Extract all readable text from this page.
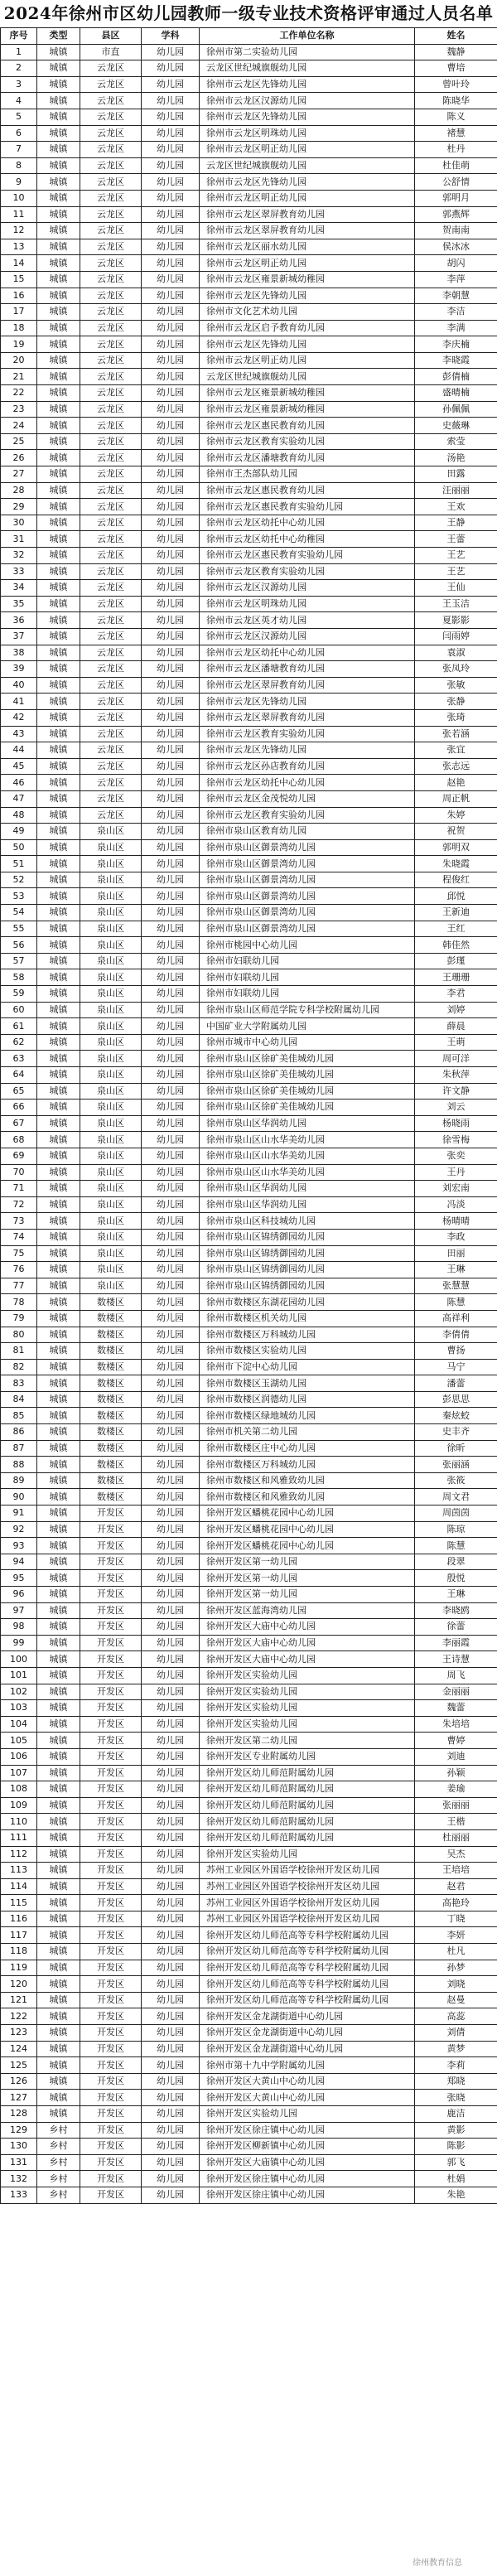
2024年徐州市区幼儿园教师一级专业技术资格评审通过人员名单
序号	类型	县区	学科	工作单位名称	姓名
1	城镇	市直	幼儿园	徐州市第二实验幼儿园	魏静
2	城镇	云龙区	幼儿园	云龙区世纪城旗舰幼儿园	曹培
3	城镇	云龙区	幼儿园	徐州市云龙区先锋幼儿园	曾叶玲
4	城镇	云龙区	幼儿园	徐州市云龙区汉源幼儿园	陈晓华
5	城镇	云龙区	幼儿园	徐州市云龙区先锋幼儿园	陈义
6	城镇	云龙区	幼儿园	徐州市云龙区明珠幼儿园	褚慧
7	城镇	云龙区	幼儿园	徐州市云龙区明正幼儿园	杜丹
8	城镇	云龙区	幼儿园	云龙区世纪城旗舰幼儿园	杜佳萌
9	城镇	云龙区	幼儿园	徐州市云龙区先锋幼儿园	公舒情
10	城镇	云龙区	幼儿园	徐州市云龙区明正幼儿园	郭明月
11	城镇	云龙区	幼儿园	徐州市云龙区翠屏教育幼儿园	郭燕辉
12	城镇	云龙区	幼儿园	徐州市云龙区翠屏教育幼儿园	贺南南
13	城镇	云龙区	幼儿园	徐州市云龙区丽水幼儿园	侯冰冰
14	城镇	云龙区	幼儿园	徐州市云龙区明正幼儿园	胡闪
15	城镇	云龙区	幼儿园	徐州市云龙区雍景新城幼稚园	李萍
16	城镇	云龙区	幼儿园	徐州市云龙区先锋幼儿园	李朝慧
17	城镇	云龙区	幼儿园	徐州市文化艺术幼儿园	李洁
18	城镇	云龙区	幼儿园	徐州市云龙区启予教育幼儿园	李满
19	城镇	云龙区	幼儿园	徐州市云龙区先锋幼儿园	李庆楠
20	城镇	云龙区	幼儿园	徐州市云龙区明正幼儿园	李晓霞
21	城镇	云龙区	幼儿园	云龙区世纪城旗舰幼儿园	彭倩楠
22	城镇	云龙区	幼儿园	徐州市云龙区雍景新城幼稚园	盛晴楠
23	城镇	云龙区	幼儿园	徐州市云龙区雍景新城幼稚园	孙佩佩
24	城镇	云龙区	幼儿园	徐州市云龙区惠民教育幼儿园	史薇琳
25	城镇	云龙区	幼儿园	徐州市云龙区教育实验幼儿园	索莹
26	城镇	云龙区	幼儿园	徐州市云龙区潘塘教育幼儿园	汤艳
27	城镇	云龙区	幼儿园	徐州市王杰部队幼儿园	田露
28	城镇	云龙区	幼儿园	徐州市云龙区惠民教育幼儿园	汪丽丽
29	城镇	云龙区	幼儿园	徐州市云龙区惠民教育实验幼儿园	王欢
30	城镇	云龙区	幼儿园	徐州市云龙区幼托中心幼儿园	王静
31	城镇	云龙区	幼儿园	徐州市云龙区幼托中心幼稚园	王蕾
32	城镇	云龙区	幼儿园	徐州市云龙区惠民教育实验幼儿园	王艺
33	城镇	云龙区	幼儿园	徐州市云龙区教育实验幼儿园	王艺
34	城镇	云龙区	幼儿园	徐州市云龙区汉源幼儿园	王仙
35	城镇	云龙区	幼儿园	徐州市云龙区明珠幼儿园	王玉洁
36	城镇	云龙区	幼儿园	徐州市云龙区英才幼儿园	夏影影
37	城镇	云龙区	幼儿园	徐州市云龙区汉源幼儿园	闫雨婷
38	城镇	云龙区	幼儿园	徐州市云龙区幼托中心幼儿园	袁淑
39	城镇	云龙区	幼儿园	徐州市云龙区潘塘教育幼儿园	张凤玲
40	城镇	云龙区	幼儿园	徐州市云龙区翠屏教育幼儿园	张敏
41	城镇	云龙区	幼儿园	徐州市云龙区先锋幼儿园	张静
42	城镇	云龙区	幼儿园	徐州市云龙区翠屏教育幼儿园	张琦
43	城镇	云龙区	幼儿园	徐州市云龙区教育实验幼儿园	张若涵
44	城镇	云龙区	幼儿园	徐州市云龙区先锋幼儿园	张宜
45	城镇	云龙区	幼儿园	徐州市云龙区孙店教育幼儿园	张志远
46	城镇	云龙区	幼儿园	徐州市云龙区幼托中心幼儿园	赵艳
47	城镇	云龙区	幼儿园	徐州市云龙区金茂悦幼儿园	周正帆
48	城镇	云龙区	幼儿园	徐州市云龙区教育实验幼儿园	朱婷
49	城镇	泉山区	幼儿园	徐州市泉山区教育幼儿园	祝贺
50	城镇	泉山区	幼儿园	徐州市泉山区御景湾幼儿园	郭明双
51	城镇	泉山区	幼儿园	徐州市泉山区御景湾幼儿园	朱晓霞
52	城镇	泉山区	幼儿园	徐州市泉山区御景湾幼儿园	程俊红
53	城镇	泉山区	幼儿园	徐州市泉山区御景湾幼儿园	邱悦
54	城镇	泉山区	幼儿园	徐州市泉山区御景湾幼儿园	王新迪
55	城镇	泉山区	幼儿园	徐州市泉山区御景湾幼儿园	王红
56	城镇	泉山区	幼儿园	徐州市桃园中心幼儿园	韩佳然
57	城镇	泉山区	幼儿园	徐州市妇联幼儿园	彭瑾
58	城镇	泉山区	幼儿园	徐州市妇联幼儿园	王珊珊
59	城镇	泉山区	幼儿园	徐州市妇联幼儿园	李君
60	城镇	泉山区	幼儿园	徐州市泉山区师范学院专科学校附属幼儿园	刘婷
61	城镇	泉山区	幼儿园	中国矿业大学附属幼儿园	薛晨
62	城镇	泉山区	幼儿园	徐州市城市中心幼儿园	王萌
63	城镇	泉山区	幼儿园	徐州市泉山区徐矿美佳城幼儿园	周可洋
64	城镇	泉山区	幼儿园	徐州市泉山区徐矿美佳城幼儿园	朱秋萍
65	城镇	泉山区	幼儿园	徐州市泉山区徐矿美佳城幼儿园	许文静
66	城镇	泉山区	幼儿园	徐州市泉山区徐矿美佳城幼儿园	刘云
67	城镇	泉山区	幼儿园	徐州市泉山区华润幼儿园	杨晓雨
68	城镇	泉山区	幼儿园	徐州市泉山区山水华美幼儿园	徐雪梅
69	城镇	泉山区	幼儿园	徐州市泉山区山水华美幼儿园	张奕
70	城镇	泉山区	幼儿园	徐州市泉山区山水华美幼儿园	王丹
71	城镇	泉山区	幼儿园	徐州市泉山区华润幼儿园	刘宏南
72	城镇	泉山区	幼儿园	徐州市泉山区华润幼儿园	冯淡
73	城镇	泉山区	幼儿园	徐州市泉山区科技城幼儿园	杨晴晴
74	城镇	泉山区	幼儿园	徐州市泉山区锦绣御园幼儿园	李政
75	城镇	泉山区	幼儿园	徐州市泉山区锦绣御园幼儿园	田丽
76	城镇	泉山区	幼儿园	徐州市泉山区锦绣御园幼儿园	王琳
77	城镇	泉山区	幼儿园	徐州市泉山区锦绣御园幼儿园	张慧慧
78	城镇	数楼区	幼儿园	徐州市数楼区东湖花园幼儿园	陈慧
79	城镇	数楼区	幼儿园	徐州市数楼区机关幼儿园	高祥利
80	城镇	数楼区	幼儿园	徐州市数楼区万科城幼儿园	李倩倩
81	城镇	数楼区	幼儿园	徐州市数楼区实验幼儿园	曹扬
82	城镇	数楼区	幼儿园	徐州市下淀中心幼儿园	马宁
83	城镇	数楼区	幼儿园	徐州市数楼区玉湖幼儿园	潘蕾
84	城镇	数楼区	幼儿园	徐州市数楼区润德幼儿园	彭思思
85	城镇	数楼区	幼儿园	徐州市数楼区绿地城幼儿园	秦炫蛟
86	城镇	数楼区	幼儿园	徐州市机关第二幼儿园	史丰齐
87	城镇	数楼区	幼儿园	徐州市数楼区庄中心幼儿园	徐昕
88	城镇	数楼区	幼儿园	徐州市数楼区万科城幼儿园	张丽涵
89	城镇	数楼区	幼儿园	徐州市数楼区和风雅致幼儿园	张筱
90	城镇	数楼区	幼儿园	徐州市数楼区和风雅致幼儿园	周文君
91	城镇	开发区	幼儿园	徐州开发区蟠桃花园中心幼儿园	周茵茵
92	城镇	开发区	幼儿园	徐州开发区蟠桃花园中心幼儿园	陈琼
93	城镇	开发区	幼儿园	徐州开发区蟠桃花园中心幼儿园	陈慧
94	城镇	开发区	幼儿园	徐州开发区第一幼儿园	段翠
95	城镇	开发区	幼儿园	徐州开发区第一幼儿园	殷悦
96	城镇	开发区	幼儿园	徐州开发区第一幼儿园	王琳
97	城镇	开发区	幼儿园	徐州开发区蓝海湾幼儿园	李晓鸥
98	城镇	开发区	幼儿园	徐州开发区大庙中心幼儿园	徐蕾
99	城镇	开发区	幼儿园	徐州开发区大庙中心幼儿园	李丽霞
100	城镇	开发区	幼儿园	徐州开发区大庙中心幼儿园	王诗慧
101	城镇	开发区	幼儿园	徐州开发区实验幼儿园	周飞
102	城镇	开发区	幼儿园	徐州开发区实验幼儿园	金丽丽
103	城镇	开发区	幼儿园	徐州开发区实验幼儿园	魏蕾
104	城镇	开发区	幼儿园	徐州开发区实验幼儿园	朱培培
105	城镇	开发区	幼儿园	徐州开发区第二幼儿园	曹婷
106	城镇	开发区	幼儿园	徐州开发区专业附属幼儿园	刘迪
107	城镇	开发区	幼儿园	徐州开发区幼儿师范附属幼儿园	孙颖
108	城镇	开发区	幼儿园	徐州开发区幼儿师范附属幼儿园	姜瑜
109	城镇	开发区	幼儿园	徐州开发区幼儿师范附属幼儿园	张丽丽
110	城镇	开发区	幼儿园	徐州开发区幼儿师范附属幼儿园	王楷
111	城镇	开发区	幼儿园	徐州开发区幼儿师范附属幼儿园	杜丽丽
112	城镇	开发区	幼儿园	徐州开发区实验幼儿园	吴杰
113	城镇	开发区	幼儿园	苏州工业园区外国语学校徐州开发区幼儿园	王培培
114	城镇	开发区	幼儿园	苏州工业园区外国语学校徐州开发区幼儿园	赵君
115	城镇	开发区	幼儿园	苏州工业园区外国语学校徐州开发区幼儿园	高艳玲
116	城镇	开发区	幼儿园	苏州工业园区外国语学校徐州开发区幼儿园	丁晓
117	城镇	开发区	幼儿园	徐州开发区幼儿师范高等专科学校附属幼儿园	李妍
118	城镇	开发区	幼儿园	徐州开发区幼儿师范高等专科学校附属幼儿园	杜凡
119	城镇	开发区	幼儿园	徐州开发区幼儿师范高等专科学校附属幼儿园	孙梦
120	城镇	开发区	幼儿园	徐州开发区幼儿师范高等专科学校附属幼儿园	刘晓
121	城镇	开发区	幼儿园	徐州开发区幼儿师范高等专科学校附属幼儿园	赵曼
122	城镇	开发区	幼儿园	徐州开发区金龙湖街道中心幼儿园	高蕊
123	城镇	开发区	幼儿园	徐州开发区金龙湖街道中心幼儿园	刘倩
124	城镇	开发区	幼儿园	徐州开发区金龙湖街道中心幼儿园	黄梦
125	城镇	开发区	幼儿园	徐州市第十九中学附属幼儿园	李莉
126	城镇	开发区	幼儿园	徐州开发区大黄山中心幼儿园	郑晓
127	城镇	开发区	幼儿园	徐州开发区大黄山中心幼儿园	张晓
128	城镇	开发区	幼儿园	徐州开发区实验幼儿园	鹿洁
129	乡村	开发区	幼儿园	徐州开发区徐庄镇中心幼儿园	黄影
130	乡村	开发区	幼儿园	徐州开发区柳新镇中心幼儿园	陈影
131	乡村	开发区	幼儿园	徐州开发区大庙镇中心幼儿园	郭飞
132	乡村	开发区	幼儿园	徐州开发区徐庄镇中心幼儿园	杜娟
133	乡村	开发区	幼儿园	徐州开发区徐庄镇中心幼儿园	朱艳
徐州教育信息
